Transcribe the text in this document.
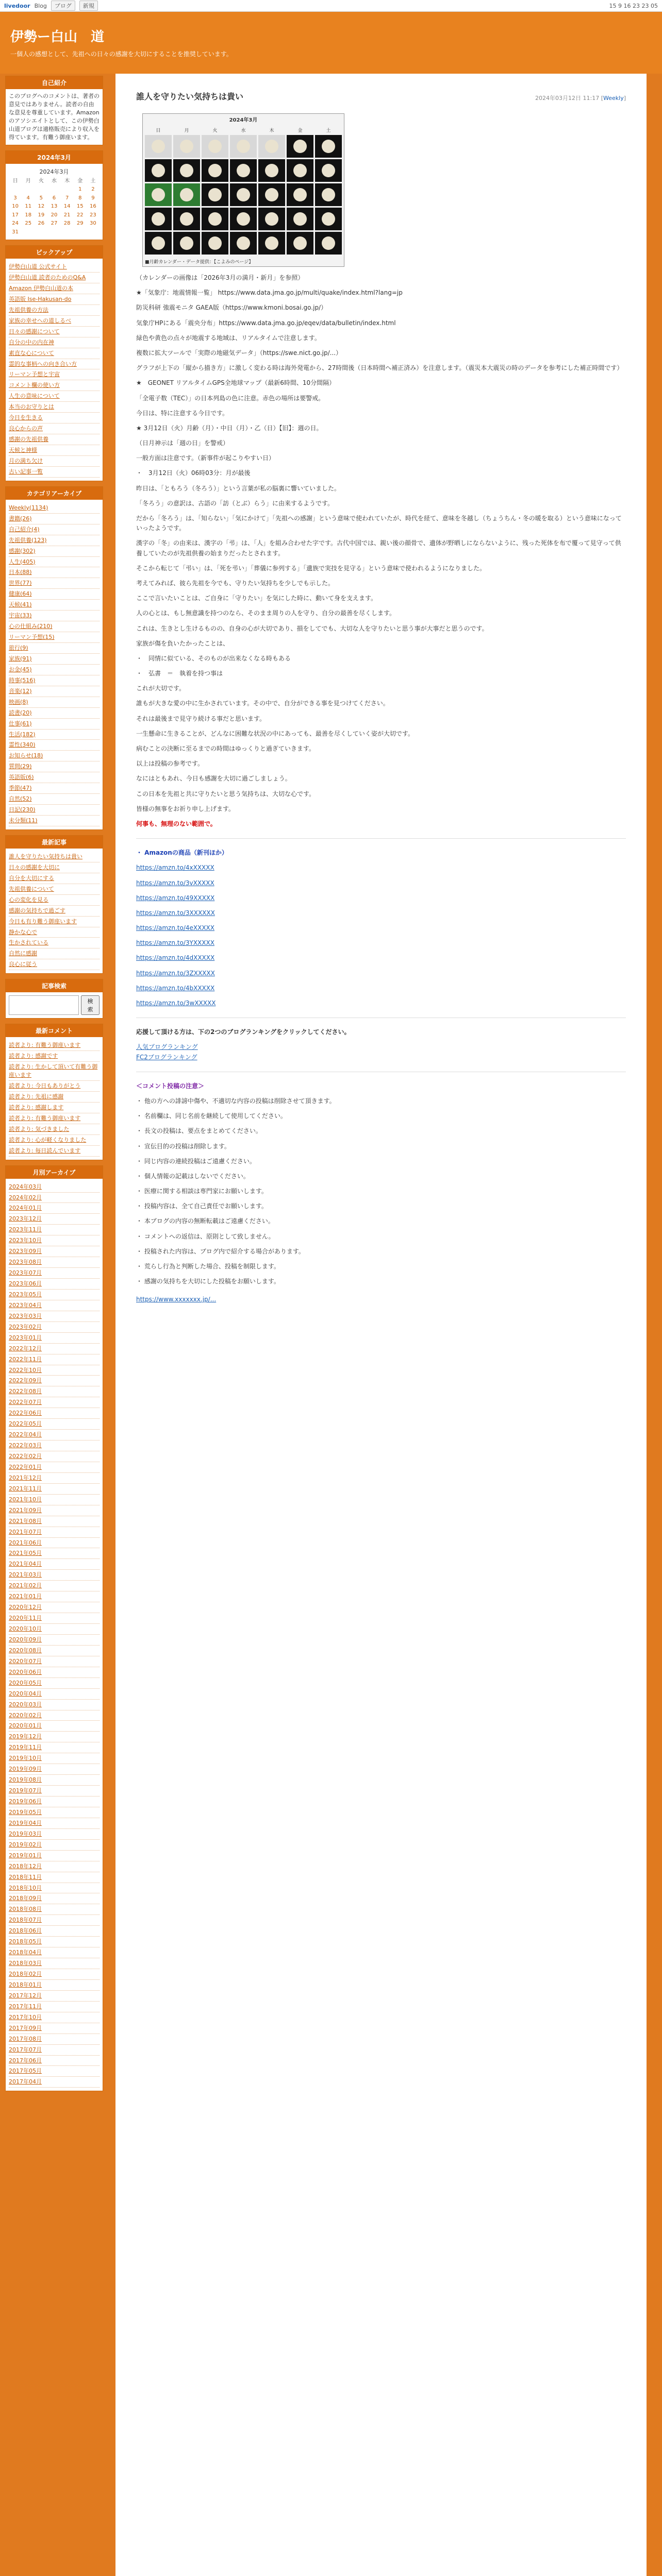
livedoor Blog	ブログ	新規	15 9 16 23 23 05
伊勢ー白山　道
一個人の感想として、先祖への日々の感謝を大切にすることを推奨しています。
自己紹介
このブログへのコメントは、著者の意見ではありません。読者の自由な意見を尊重しています。Amazonのアソシエイトとして、この伊勢白山道ブログは適格販売により収入を得ています。有難う御座います。
2024年3月
2024年3月
日	月	火	水	木	金	土
					1	2
3	4	5	6	7	8	9
10	11	12	13	14	15	16
17	18	19	20	21	22	23
24	25	26	27	28	29	30
31						
ピックアップ
伊勢白山道 公式サイト
伊勢白山道 読者のためのQ&A
Amazon 伊勢白山道の本
英語版 Ise-Hakusan-do
先祖供養の方法
家族の幸せへの道しるべ
日々の感謝について
自分の中の内在神
素直な心について
霊的な事柄への向き合い方
リーマン予想と宇宙
コメント欄の使い方
人生の意味について
本当のお守りとは
今日を生きる
良心からの声
感謝の先祖供養
天候と神様
月の満ち欠け
古い記事一覧
カテゴリアーカイブ
Weekly(1134)
書籍(26)
自己紹介(4)
先祖供養(123)
感謝(302)
人生(405)
日本(88)
世界(77)
健康(64)
天候(41)
宇宙(33)
心の仕組み(210)
リーマン予想(15)
旅行(9)
家族(91)
お金(45)
時事(516)
音楽(12)
映画(8)
読書(20)
仕事(61)
生活(182)
霊性(340)
お知らせ(18)
質問(29)
英語版(6)
季節(47)
自然(52)
日記(230)
未分類(11)
最新記事
誰人を守りたい気持ちは貴い
日々の感謝を大切に
自分を大切にする
先祖供養について
心の変化を見る
感謝の気持ちで過ごす
今日も有り難う御座います
静かな心で
生かされている
自然に感謝
良心に従う
記事検索
検索
最新コメント
読者より: 有難う御座います
読者より: 感謝です
読者より: 生かして頂いて有難う御座います
読者より: 今日もありがとう
読者より: 先祖に感謝
読者より: 感謝します
読者より: 有難う御座います
読者より: 気づきました
読者より: 心が軽くなりました
読者より: 毎日読んでいます
月別アーカイブ
2024年03月
2024年02月
2024年01月
2023年12月
2023年11月
2023年10月
2023年09月
2023年08月
2023年07月
2023年06月
2023年05月
2023年04月
2023年03月
2023年02月
2023年01月
2022年12月
2022年11月
2022年10月
2022年09月
2022年08月
2022年07月
2022年06月
2022年05月
2022年04月
2022年03月
2022年02月
2022年01月
2021年12月
2021年11月
2021年10月
2021年09月
2021年08月
2021年07月
2021年06月
2021年05月
2021年04月
2021年03月
2021年02月
2021年01月
2020年12月
2020年11月
2020年10月
2020年09月
2020年08月
2020年07月
2020年06月
2020年05月
2020年04月
2020年03月
2020年02月
2020年01月
2019年12月
2019年11月
2019年10月
2019年09月
2019年08月
2019年07月
2019年06月
2019年05月
2019年04月
2019年03月
2019年02月
2019年01月
2018年12月
2018年11月
2018年10月
2018年09月
2018年08月
2018年07月
2018年06月
2018年05月
2018年04月
2018年03月
2018年02月
2018年01月
2017年12月
2017年11月
2017年10月
2017年09月
2017年08月
2017年07月
2017年06月
2017年05月
2017年04月
誰人を守りたい気持ちは貴い	2024年03月12日 11:17 [Weekly]
2024年3月
日	月	火	水	木	金	土
■月齢カレンダー・データ提供：【こよみのページ】
（カレンダーの画像は「2026年3月の満月・新月」を参照）
★「気象庁：地震情報一覧」 https://www.data.jma.go.jp/multi/quake/index.html?lang=jp
防災科研 強震モニタ GAEA版（https://www.kmoni.bosai.go.jp/）
気象庁HPにある「震央分布」https://www.data.jma.go.jp/eqev/data/bulletin/index.html
緑色や黄色の点々が地震する地域は、リアルタイムで注意します。
複数に拡大ツールで「実際の地磁気データ」（https://swe.nict.go.jp/...）
グラフが上下の「縦から描き方」に激しく変わる時は海外発電から、27時間後（日本時間へ補正済み）を注意します。（震災本大震災の時のデータを参考にした補正時間です）
★　GEONET リアルタイムGPS全地球マップ（最新6時間、10分間隔）
「全電子数（TEC）」の日本列島の色に注意。赤色の場所は要警戒。
今日は、特に注意する今日です。
★ 3月12日（火）月齢（月）・中日（月）・乙（日）【旧】：週の日。
（日月神示は「週の日」を警戒）
一般方面は注意です。（新事件が起こりやすい日）
・　3月12日（火）06時03分：月が最後
昨日は、「ともろう（冬ろう）」という言葉が私の脳裏に響いていました。
「冬ろう」の意訳は、古語の「訪（とぶ）らう」に由来するようです。
だから「冬ろう」は、「知らない」「気にかけて」「先祖への感謝」という意味で使われていたが、時代を経て、意味を冬越し（ちょうちん・冬の暖を取る）という意味になっていったようです。
漢字の「冬」の由来は、漢字の「弔」は、「人」を組み合わせた字です。古代中国では、親い後の顔骨で、遺体が野晒しにならないように、残った死体を布で覆って見守って供養していたのが先祖供養の始まりだったとされます。
そこから転じて「弔い」は、「死を弔い」「葬儀に参列する」「遺族で実技を見守る」という意味で使われるようになりました。
考えてみれば、彼ら先祖を今でも、守りたい気持ちを少しでも示した。
ここで言いたいことは、ご自身に「守りたい」を気にした時に、動いて身を支えます。
人の心とは、もし無意識を持つのなら、そのまま周りの人を守り、自分の最善を尽くします。
これは、生きとし生けるものの、自身の心が大切であり、損をしてでも、大切な人を守りたいと思う事が大事だと思うのです。
家族が傷を負いたかったことは、
・　同情に似ている、そのものが出来なくなる時もある
・　弘書　＝　執着を持つ事は
これが大切です。
誰もが大きな愛の中に生かされています。その中で、自分ができる事を見つけてください。
それは最後まで見守り続ける事だと思います。
一生懸命に生きることが、どんなに困難な状況の中にあっても、最善を尽くしていく姿が大切です。
病むことの決断に至るまでの時間はゆっくりと過ぎていきます。
以上は投稿の参考です。
なにはともあれ、今日も感謝を大切に過ごしましょう。
この日本を先祖と共に守りたいと思う気持ちは、大切な心です。
皆様の無事をお祈り申し上げます。
何事も、無理のない範囲で。
・ Amazonの商品（新刊ほか）
https://amzn.to/4xXXXXX
https://amzn.to/3vXXXXX
https://amzn.to/49XXXXX
https://amzn.to/3XXXXXX
https://amzn.to/4eXXXXX
https://amzn.to/3YXXXXX
https://amzn.to/4dXXXXX
https://amzn.to/3ZXXXXX
https://amzn.to/4bXXXXX
https://amzn.to/3wXXXXX
応援して頂ける方は、下の2つのブログランキングをクリックしてください。
人気ブログランキング
FC2ブログランキング
＜コメント投稿の注意＞
・ 他の方への誹謗中傷や、不適切な内容の投稿は削除させて頂きます。
・ 名前欄は、同じ名前を継続して使用してください。
・ 長文の投稿は、要点をまとめてください。
・ 宣伝目的の投稿は削除します。
・ 同じ内容の連続投稿はご遠慮ください。
・ 個人情報の記載はしないでください。
・ 医療に関する相談は専門家にお願いします。
・ 投稿内容は、全て自己責任でお願いします。
・ 本ブログの内容の無断転載はご遠慮ください。
・ コメントへの返信は、原則として致しません。
・ 投稿された内容は、ブログ内で紹介する場合があります。
・ 荒らし行為と判断した場合、投稿を制限します。
・ 感謝の気持ちを大切にした投稿をお願いします。
https://www.xxxxxxx.jp/...
